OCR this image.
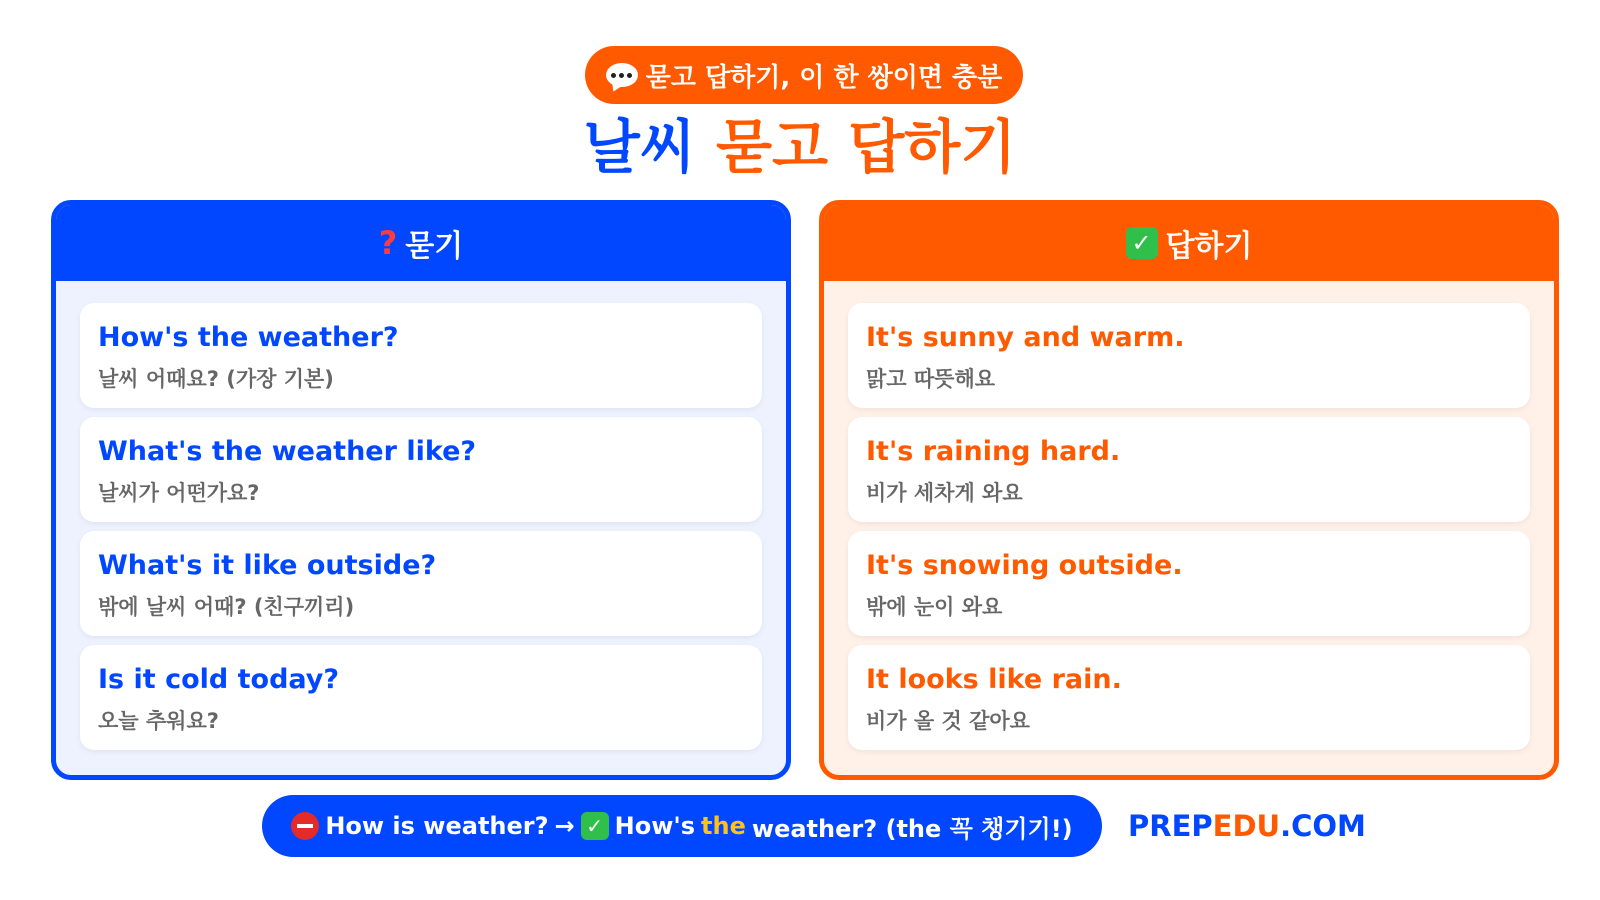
묻고 답하기, 이 한 쌍이면 충분
날씨 묻고 답하기
? 묻기
How's the weather?
날씨 어때요? (가장 기본)
What's the weather like?
날씨가 어떤가요?
What's it like outside?
밖에 날씨 어때? (친구끼리)
Is it cold today?
오늘 추워요?
✓ 답하기
It's sunny and warm.
맑고 따뜻해요
It's raining hard.
비가 세차게 와요
It's snowing outside.
밖에 눈이 와요
It looks like rain.
비가 올 것 같아요
How is weather? → ✓ How's the weather? (the 꼭 챙기기!) PREPEDU.COM
